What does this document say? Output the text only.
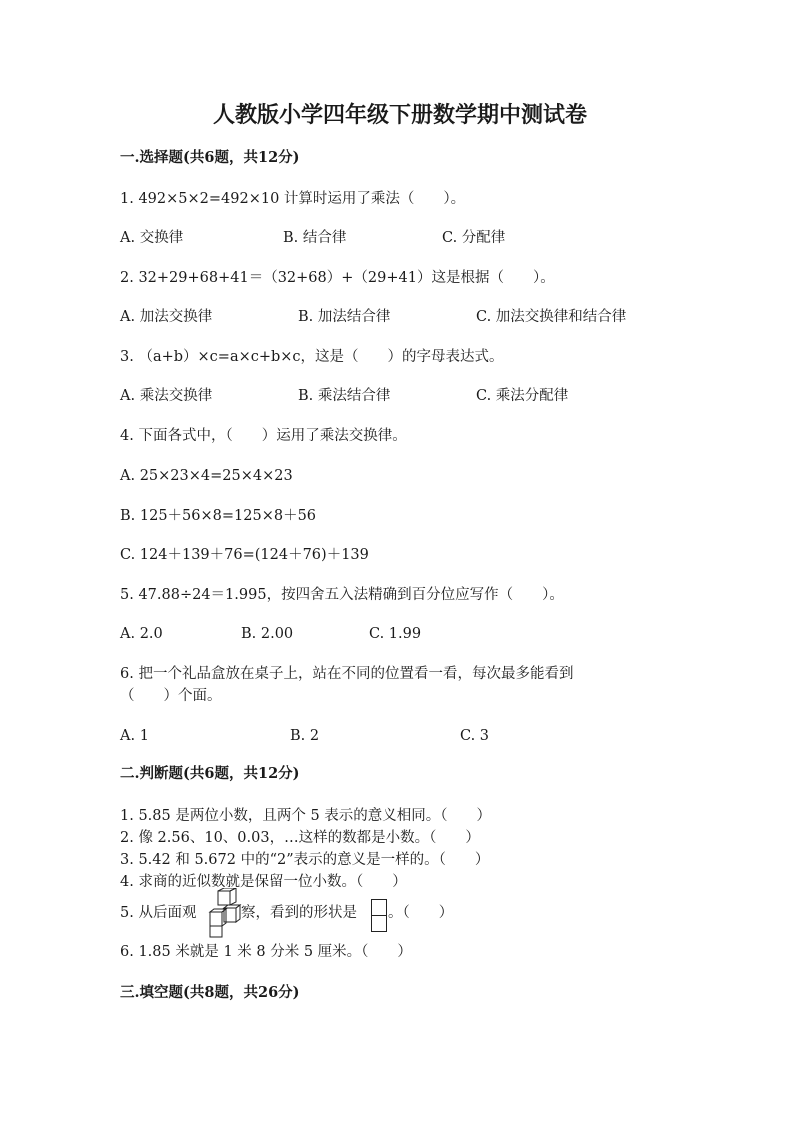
人教版小学四年级下册数学期中测试卷
一.选择题(共6题，共12分)
1. 492×5×2=492×10 计算时运用了乘法（　　）。
A. 交换律	B. 结合律	C. 分配律
2. 32+29+68+41＝（32+68）+（29+41）这是根据（　　）。
A. 加法交换律	B. 加法结合律	C. 加法交换律和结合律
3. （a+b）×c=a×c+b×c，这是（　　）的字母表达式。
A. 乘法交换律	B. 乘法结合律	C. 乘法分配律
4. 下面各式中，（　　）运用了乘法交换律。
A. 25×23×4=25×4×23
B. 125＋56×8=125×8＋56
C. 124＋139＋76=(124＋76)＋139
5. 47.88÷24＝1.995，按四舍五入法精确到百分位应写作（　　）。
A. 2.0	B. 2.00	C. 1.99
6. 把一个礼品盒放在桌子上，站在不同的位置看一看，每次最多能看到
（　　）个面。
A. 1	B. 2	C. 3
二.判断题(共6题，共12分)
1. 5.85 是两位小数，且两个 5 表示的意义相同。（　　）
2. 像 2.56、10、0.03，…这样的数都是小数。（　　）
3. 5.42 和 5.672 中的“2”表示的意义是一样的。（　　）
4. 求商的近似数就是保留一位小数。（　　）
5. 从后面观	察，看到的形状是 。（　　）
6. 1.85 米就是 1 米 8 分米 5 厘米。（　　）
三.填空题(共8题，共26分)
